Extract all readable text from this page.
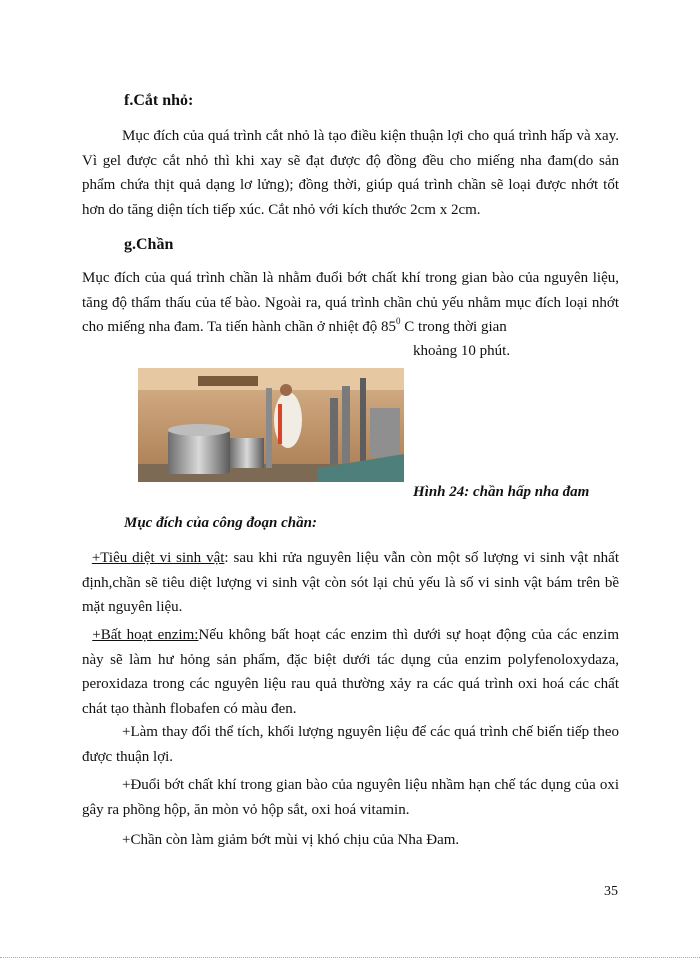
f.Cắt nhỏ:

Mục đích của quá trình cắt nhỏ là tạo điều kiện thuận lợi cho quá trình hấp và xay. Vì gel được cắt nhỏ thì khi xay sẽ đạt được độ đồng đều cho miếng nha đam(do sản phẩm chứa thịt quả dạng lơ lửng); đồng thời, giúp quá trình chần sẽ loại được nhớt tốt hơn do tăng diện tích tiếp xúc. Cắt nhỏ với kích thước 2cm x 2cm.

g.Chần

Mục đích của quá trình chần là nhằm đuổi bớt chất khí trong gian bào của nguyên liệu, tăng độ thẩm thấu của tế bào. Ngoài ra, quá trình chần chủ yếu nhằm mục đích loại nhớt cho miếng nha đam. Ta tiến hành chần ở nhiệt độ $85^0$ C trong thời gian

khoảng 10 phút.
Hình 24: chần hấp nha đam
Mục đích của công đoạn chần:

+Tiêu diệt vi sinh vật: sau khi rửa nguyên liệu vẫn còn một số lượng vi sinh vật nhất định,chần sẽ tiêu diệt lượng vi sinh vật còn sót lại chủ yếu là số vi sinh vật bám trên bề mặt nguyên liệu.

+Bất hoạt enzim:Nếu không bất hoạt các enzim thì dưới sự hoạt động của các enzim này sẽ làm hư hỏng sản phẩm, đặc biệt dưới tác dụng của enzim polyfenoloxydaza, peroxidaza trong các nguyên liệu rau quả thường xảy ra các quá trình oxi hoá các chất chát tạo thành flobafen có màu đen.

+Làm thay đổi thể tích, khối lượng nguyên liệu để các quá trình chế biến tiếp theo được thuận lợi.

+Đuổi bớt chất khí trong gian bào của nguyên liệu nhầm hạn chế tác dụng của oxi gây ra phồng hộp, ăn mòn vỏ hộp sắt, oxi hoá vitamin.

+Chần còn làm giảm bớt mùi vị khó chịu của Nha Đam.

35
